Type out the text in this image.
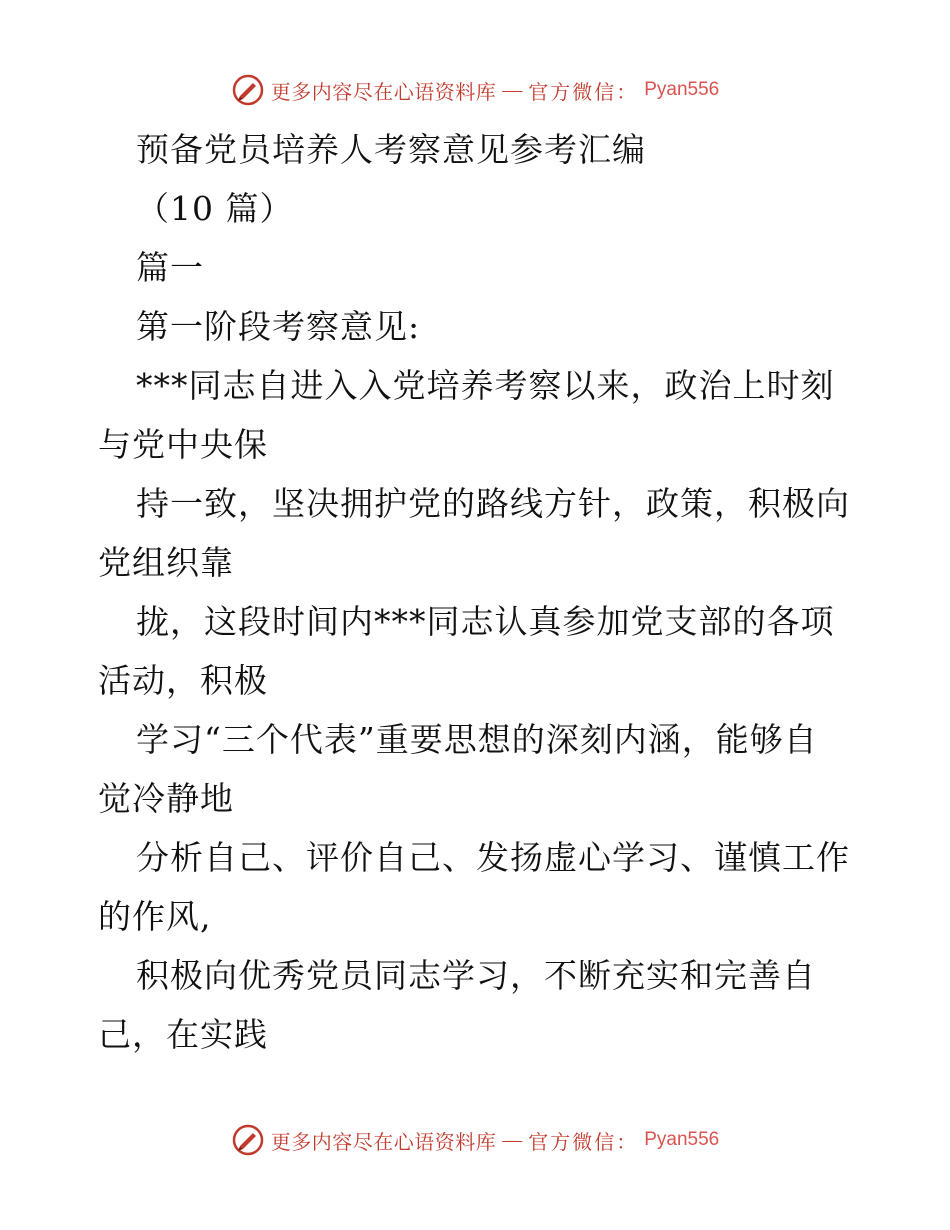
更多内容尽在心语资料库 — 官方微信： Pyan556
预备党员培养人考察意见参考汇编
（10 篇）
篇一
第一阶段考察意见:
***同志自进入入党培养考察以来，政治上时刻
与党中央保
持一致，坚决拥护党的路线方针，政策，积极向
党组织靠
拢，这段时间内***同志认真参加党支部的各项
活动，积极
学习“三个代表”重要思想的深刻内涵，能够自
觉冷静地
分析自己、评价自己、发扬虚心学习、谨慎工作
的作风,
积极向优秀党员同志学习，不断充实和完善自
己，在实践
更多内容尽在心语资料库 — 官方微信： Pyan556
